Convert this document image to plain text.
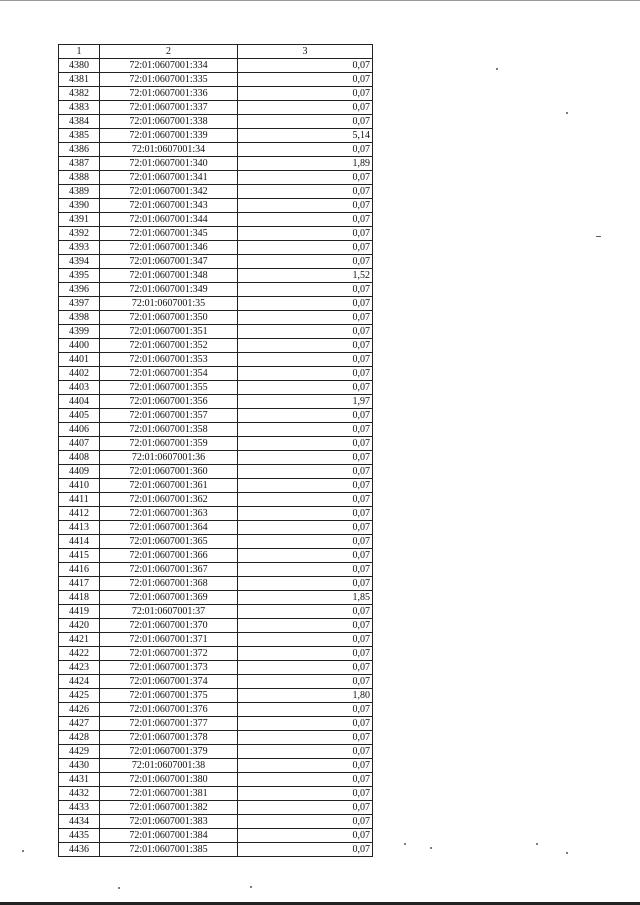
1	2	3
4380	72:01:0607001:334	0,07
4381	72:01:0607001:335	0,07
4382	72:01:0607001:336	0,07
4383	72:01:0607001:337	0,07
4384	72:01:0607001:338	0,07
4385	72:01:0607001:339	5,14
4386	72:01:0607001:34	0,07
4387	72:01:0607001:340	1,89
4388	72:01:0607001:341	0,07
4389	72:01:0607001:342	0,07
4390	72:01:0607001:343	0,07
4391	72:01:0607001:344	0,07
4392	72:01:0607001:345	0,07
4393	72:01:0607001:346	0,07
4394	72:01:0607001:347	0,07
4395	72:01:0607001:348	1,52
4396	72:01:0607001:349	0,07
4397	72:01:0607001:35	0,07
4398	72:01:0607001:350	0,07
4399	72:01:0607001:351	0,07
4400	72:01:0607001:352	0,07
4401	72:01:0607001:353	0,07
4402	72:01:0607001:354	0,07
4403	72:01:0607001:355	0,07
4404	72:01:0607001:356	1,97
4405	72:01:0607001:357	0,07
4406	72:01:0607001:358	0,07
4407	72:01:0607001:359	0,07
4408	72:01:0607001:36	0,07
4409	72:01:0607001:360	0,07
4410	72:01:0607001:361	0,07
4411	72:01:0607001:362	0,07
4412	72:01:0607001:363	0,07
4413	72:01:0607001:364	0,07
4414	72:01:0607001:365	0,07
4415	72:01:0607001:366	0,07
4416	72:01:0607001:367	0,07
4417	72:01:0607001:368	0,07
4418	72:01:0607001:369	1,85
4419	72:01:0607001:37	0,07
4420	72:01:0607001:370	0,07
4421	72:01:0607001:371	0,07
4422	72:01:0607001:372	0,07
4423	72:01:0607001:373	0,07
4424	72:01:0607001:374	0,07
4425	72:01:0607001:375	1,80
4426	72:01:0607001:376	0,07
4427	72:01:0607001:377	0,07
4428	72:01:0607001:378	0,07
4429	72:01:0607001:379	0,07
4430	72:01:0607001:38	0,07
4431	72:01:0607001:380	0,07
4432	72:01:0607001:381	0,07
4433	72:01:0607001:382	0,07
4434	72:01:0607001:383	0,07
4435	72:01:0607001:384	0,07
4436	72:01:0607001:385	0,07
